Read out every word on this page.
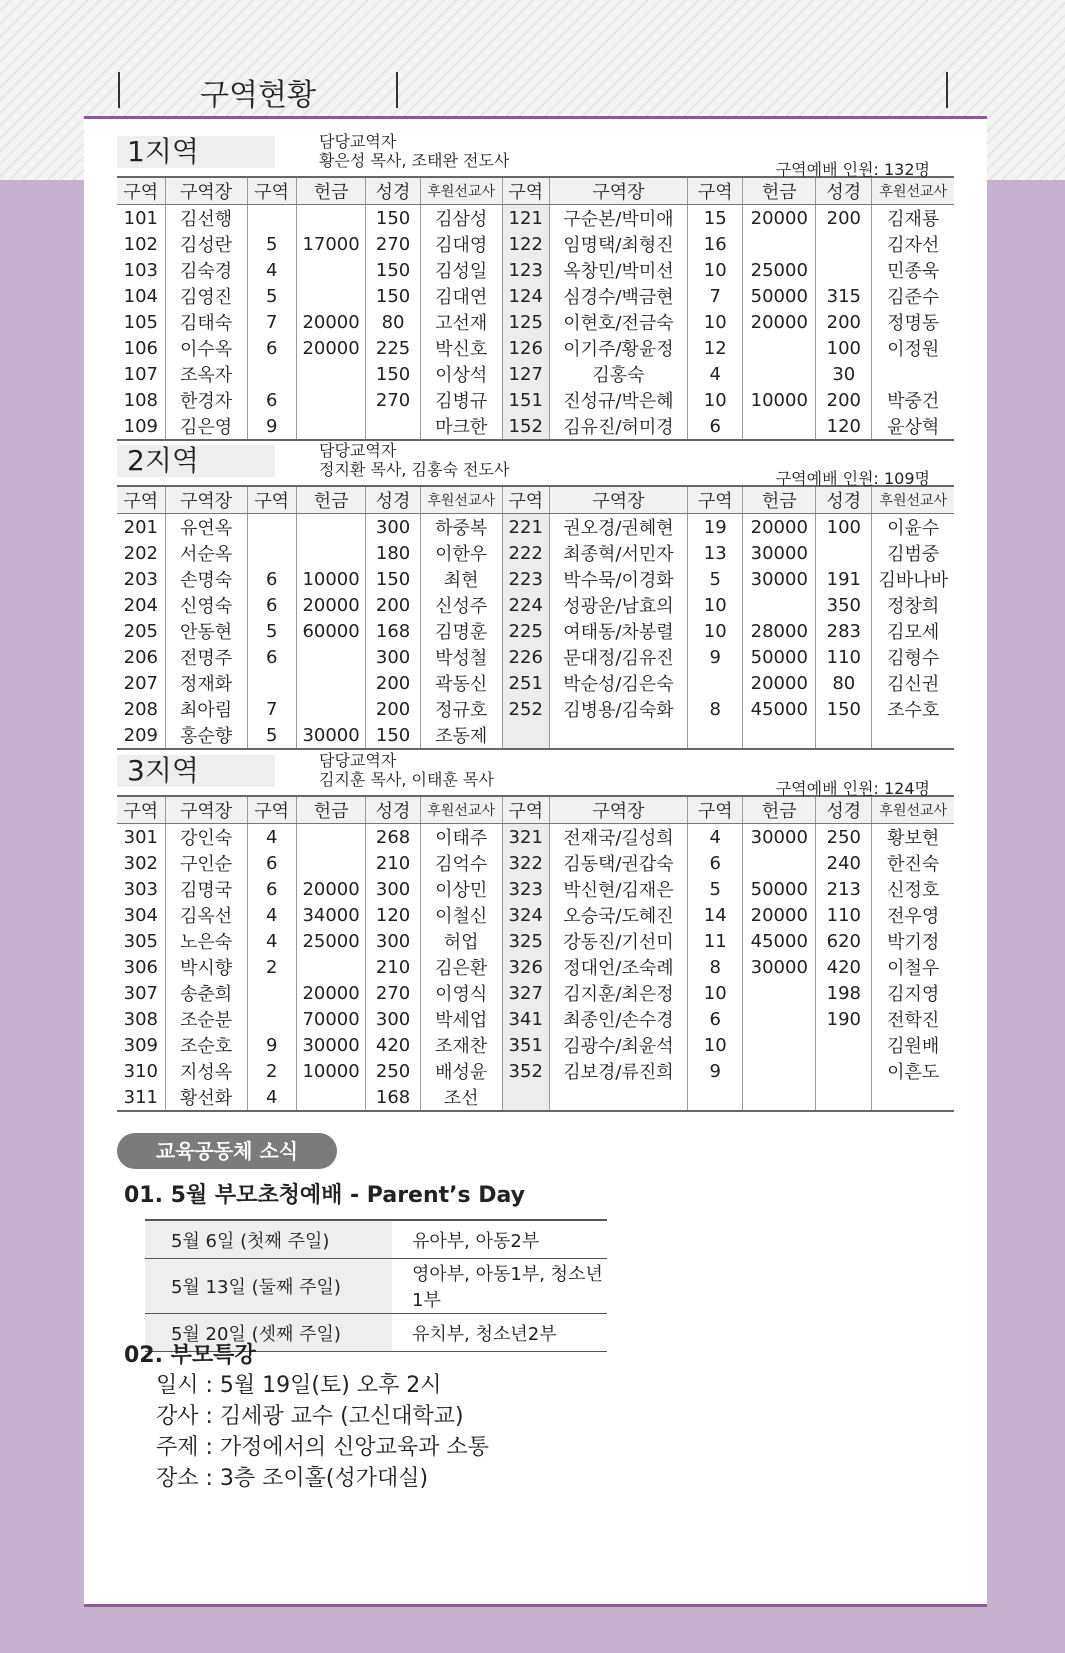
구역현황
1지역	담당교역자
황은성 목사, 조태완 전도사	구역예배 인원: 132명
구역	구역장	구역	헌금	성경	후원선교사	구역	구역장	구역	헌금	성경	후원선교사
101	김선행			150	김삼성	121	구순본/박미애	15	20000	200	김재룡
102	김성란	5	17000	270	김대영	122	임명택/최형진	16			김자선
103	김숙경	4		150	김성일	123	옥창민/박미선	10	25000		민종욱
104	김영진	5		150	김대연	124	심경수/백금현	7	50000	315	김준수
105	김태숙	7	20000	80	고선재	125	이현호/전금숙	10	20000	200	정명동
106	이수옥	6	20000	225	박신호	126	이기주/황윤정	12		100	이정원
107	조옥자			150	이상석	127	김홍숙	4		30	
108	한경자	6		270	김병규	151	진성규/박은혜	10	10000	200	박중건
109	김은영	9			마크한	152	김유진/허미경	6		120	윤상혁
2지역	담당교역자
정지환 목사, 김홍숙 전도사	구역예배 인원: 109명
구역	구역장	구역	헌금	성경	후원선교사	구역	구역장	구역	헌금	성경	후원선교사
201	유연옥			300	하중복	221	권오경/권혜현	19	20000	100	이윤수
202	서순옥			180	이한우	222	최종혁/서민자	13	30000		김범중
203	손명숙	6	10000	150	최현	223	박수묵/이경화	5	30000	191	김바나바
204	신영숙	6	20000	200	신성주	224	성광운/남효의	10		350	정창희
205	안동현	5	60000	168	김명훈	225	여태동/차봉렬	10	28000	283	김모세
206	전명주	6		300	박성철	226	문대정/김유진	9	50000	110	김형수
207	정재화			200	곽동신	251	박순성/김은숙		20000	80	김신권
208	최아림	7		200	정규호	252	김병용/김숙화	8	45000	150	조수호
209	홍순향	5	30000	150	조동제						
3지역	담당교역자
김지훈 목사, 이태훈 목사	구역예배 인원: 124명
구역	구역장	구역	헌금	성경	후원선교사	구역	구역장	구역	헌금	성경	후원선교사
301	강인숙	4		268	이태주	321	전재국/길성희	4	30000	250	황보현
302	구인순	6		210	김억수	322	김동택/권갑숙	6		240	한진숙
303	김명국	6	20000	300	이상민	323	박신현/김재은	5	50000	213	신정호
304	김옥선	4	34000	120	이철신	324	오승국/도혜진	14	20000	110	전우영
305	노은숙	4	25000	300	허업	325	강동진/기선미	11	45000	620	박기정
306	박시향	2		210	김은환	326	정대언/조숙례	8	30000	420	이철우
307	송춘희		20000	270	이영식	327	김지훈/최은정	10		198	김지영
308	조순분		70000	300	박세업	341	최종인/손수경	6		190	전학진
309	조순호	9	30000	420	조재찬	351	김광수/최윤석	10			김원배
310	지성옥	2	10000	250	배성윤	352	김보경/류진희	9			이흔도
311	황선화	4		168	조선						
교육공동체 소식
01. 5월 부모초청예배 - Parent’s Day
5월 6일 (첫째 주일)	유아부, 아동2부
5월 13일 (둘째 주일)	영아부, 아동1부, 청소년1부
5월 20일 (셋째 주일)	유치부, 청소년2부
02. 부모특강
일시 : 5월 19일(토) 오후 2시
강사 : 김세광 교수 (고신대학교)
주제 : 가정에서의 신앙교육과 소통
장소 : 3층 조이홀(성가대실)
